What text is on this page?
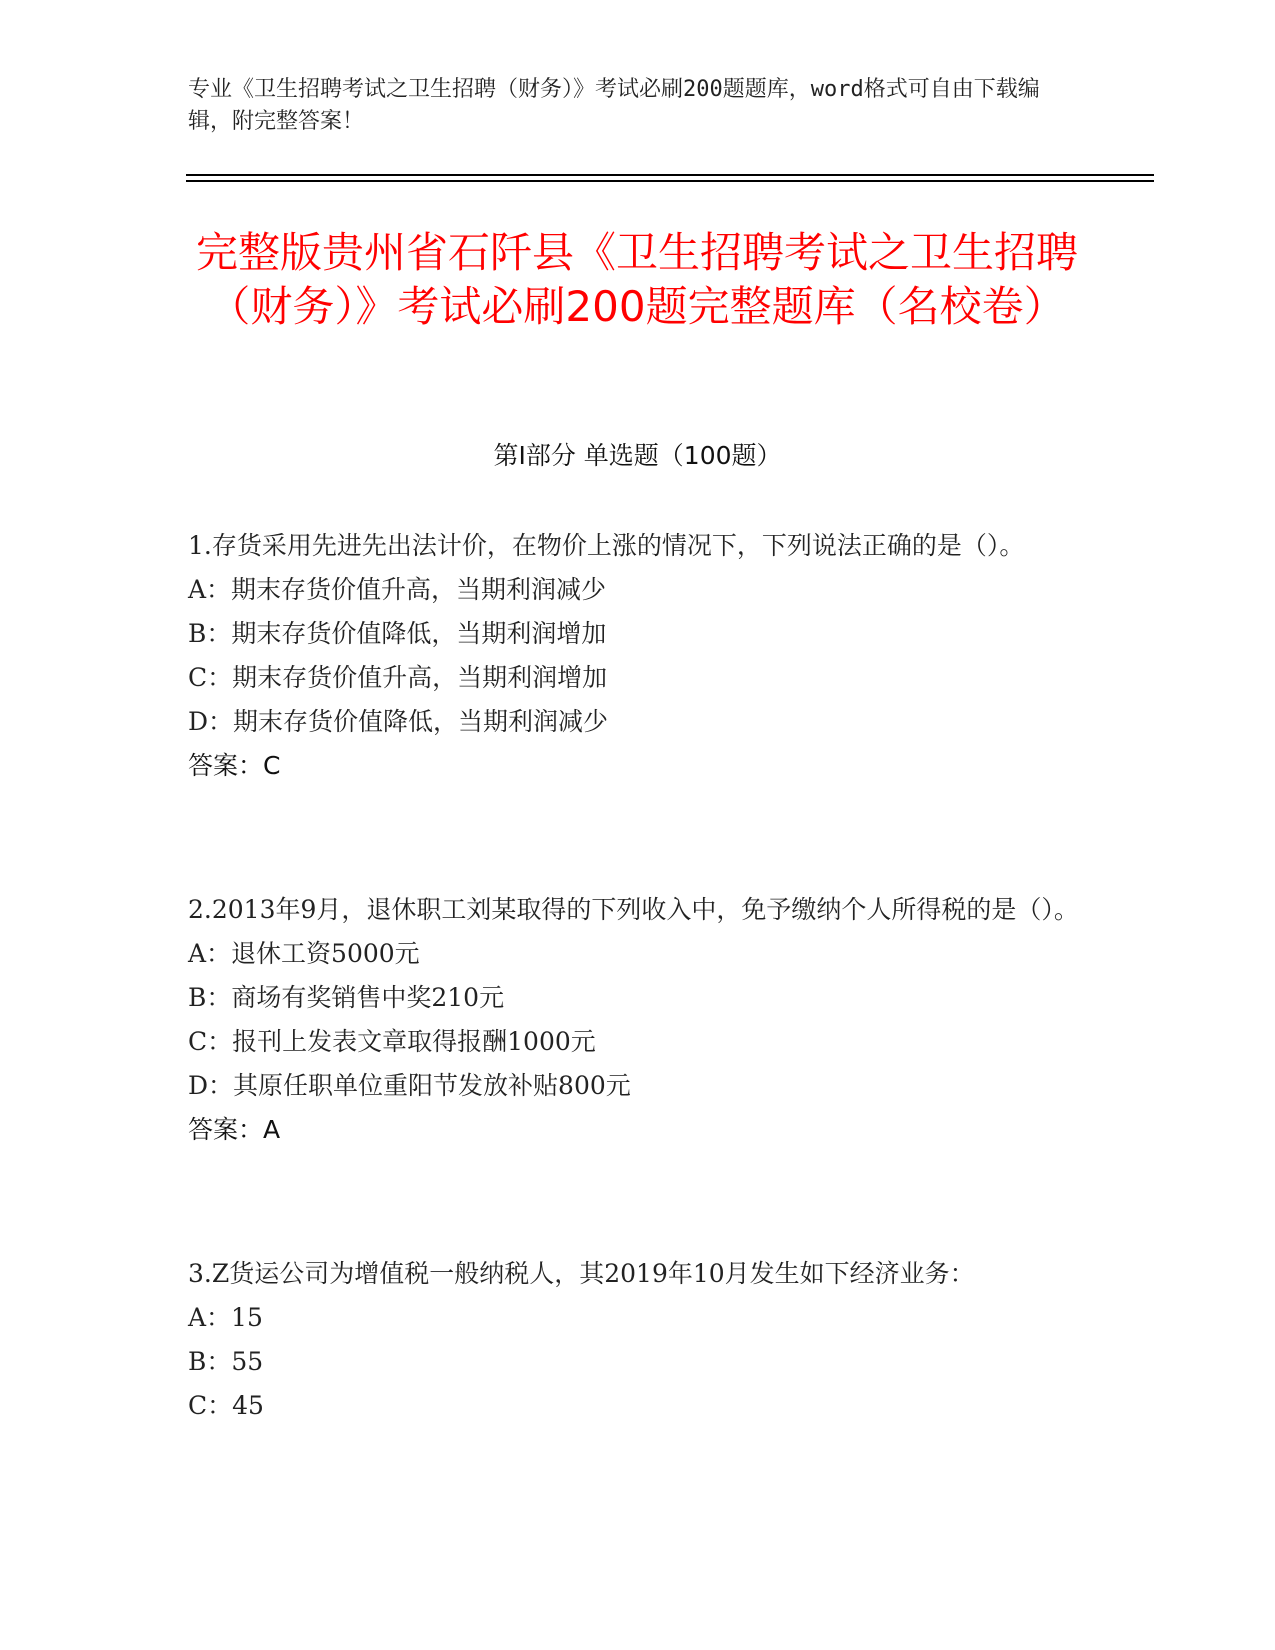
专业《卫生招聘考试之卫生招聘（财务）》考试必刷200题题库，word格式可自由下载编辑，附完整答案！
完整版贵州省石阡县《卫生招聘考试之卫生招聘（财务）》考试必刷200题完整题库（名校卷）
第Ⅰ部分 单选题（100题）
1.存货采用先进先出法计价，在物价上涨的情况下，下列说法正确的是（）。
A：期末存货价值升高，当期利润减少
B：期末存货价值降低，当期利润增加
C：期末存货价值升高，当期利润增加
D：期末存货价值降低，当期利润减少
答案：C
2.2013年9月，退休职工刘某取得的下列收入中，免予缴纳个人所得税的是（）。
A：退休工资5000元
B：商场有奖销售中奖210元
C：报刊上发表文章取得报酬1000元
D：其原任职单位重阳节发放补贴800元
答案：A
3.Z货运公司为增值税一般纳税人，其2019年10月发生如下经济业务：
A：15
B：55
C：45
